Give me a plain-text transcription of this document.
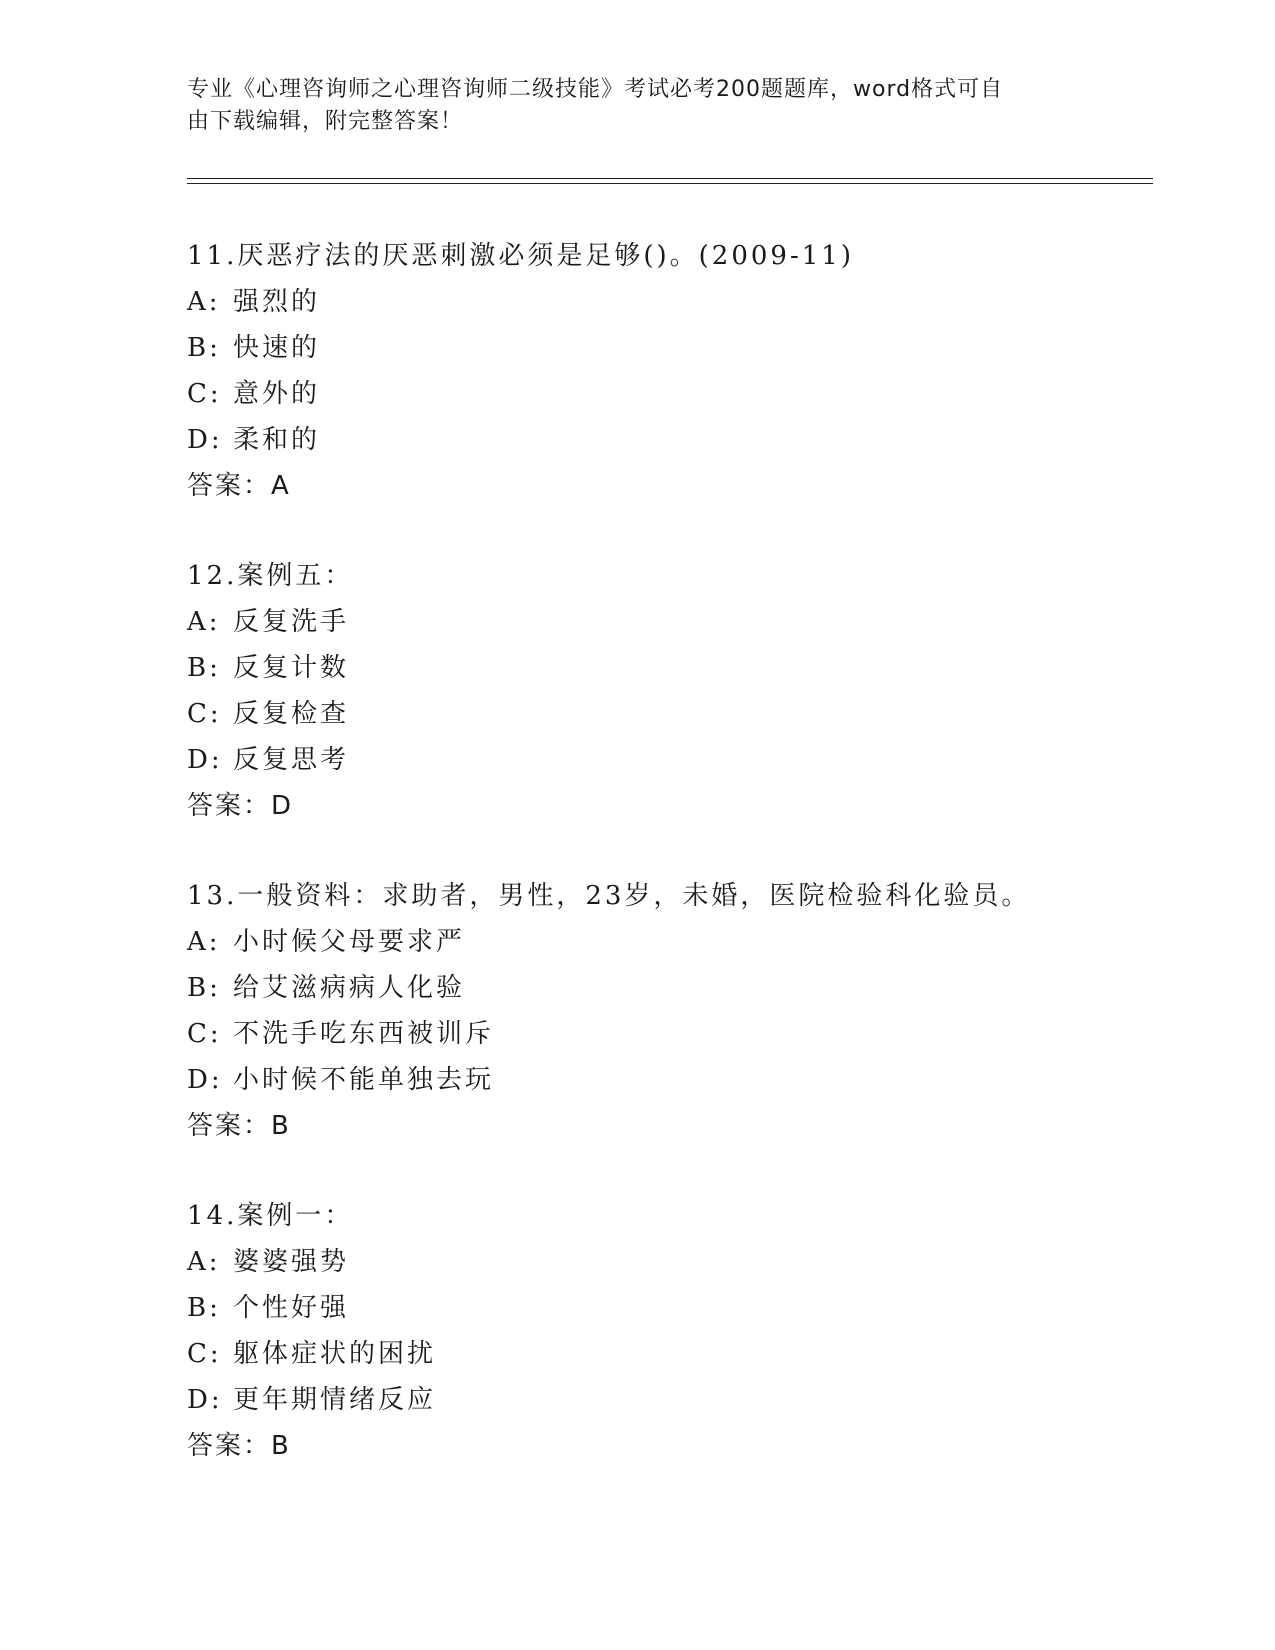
专业《心理咨询师之心理咨询师二级技能》考试必考200题题库，word格式可自
由下载编辑，附完整答案！
11.厌恶疗法的厌恶刺激必须是足够()。(2009-11)
A: 强烈的
B: 快速的
C: 意外的
D: 柔和的
答案：A
12.案例五：
A: 反复洗手
B: 反复计数
C: 反复检查
D: 反复思考
答案：D
13.一般资料：求助者，男性，23岁，未婚，医院检验科化验员。
A: 小时候父母要求严
B: 给艾滋病病人化验
C: 不洗手吃东西被训斥
D: 小时候不能单独去玩
答案：B
14.案例一：
A: 婆婆强势
B: 个性好强
C: 躯体症状的困扰
D: 更年期情绪反应
答案：B
